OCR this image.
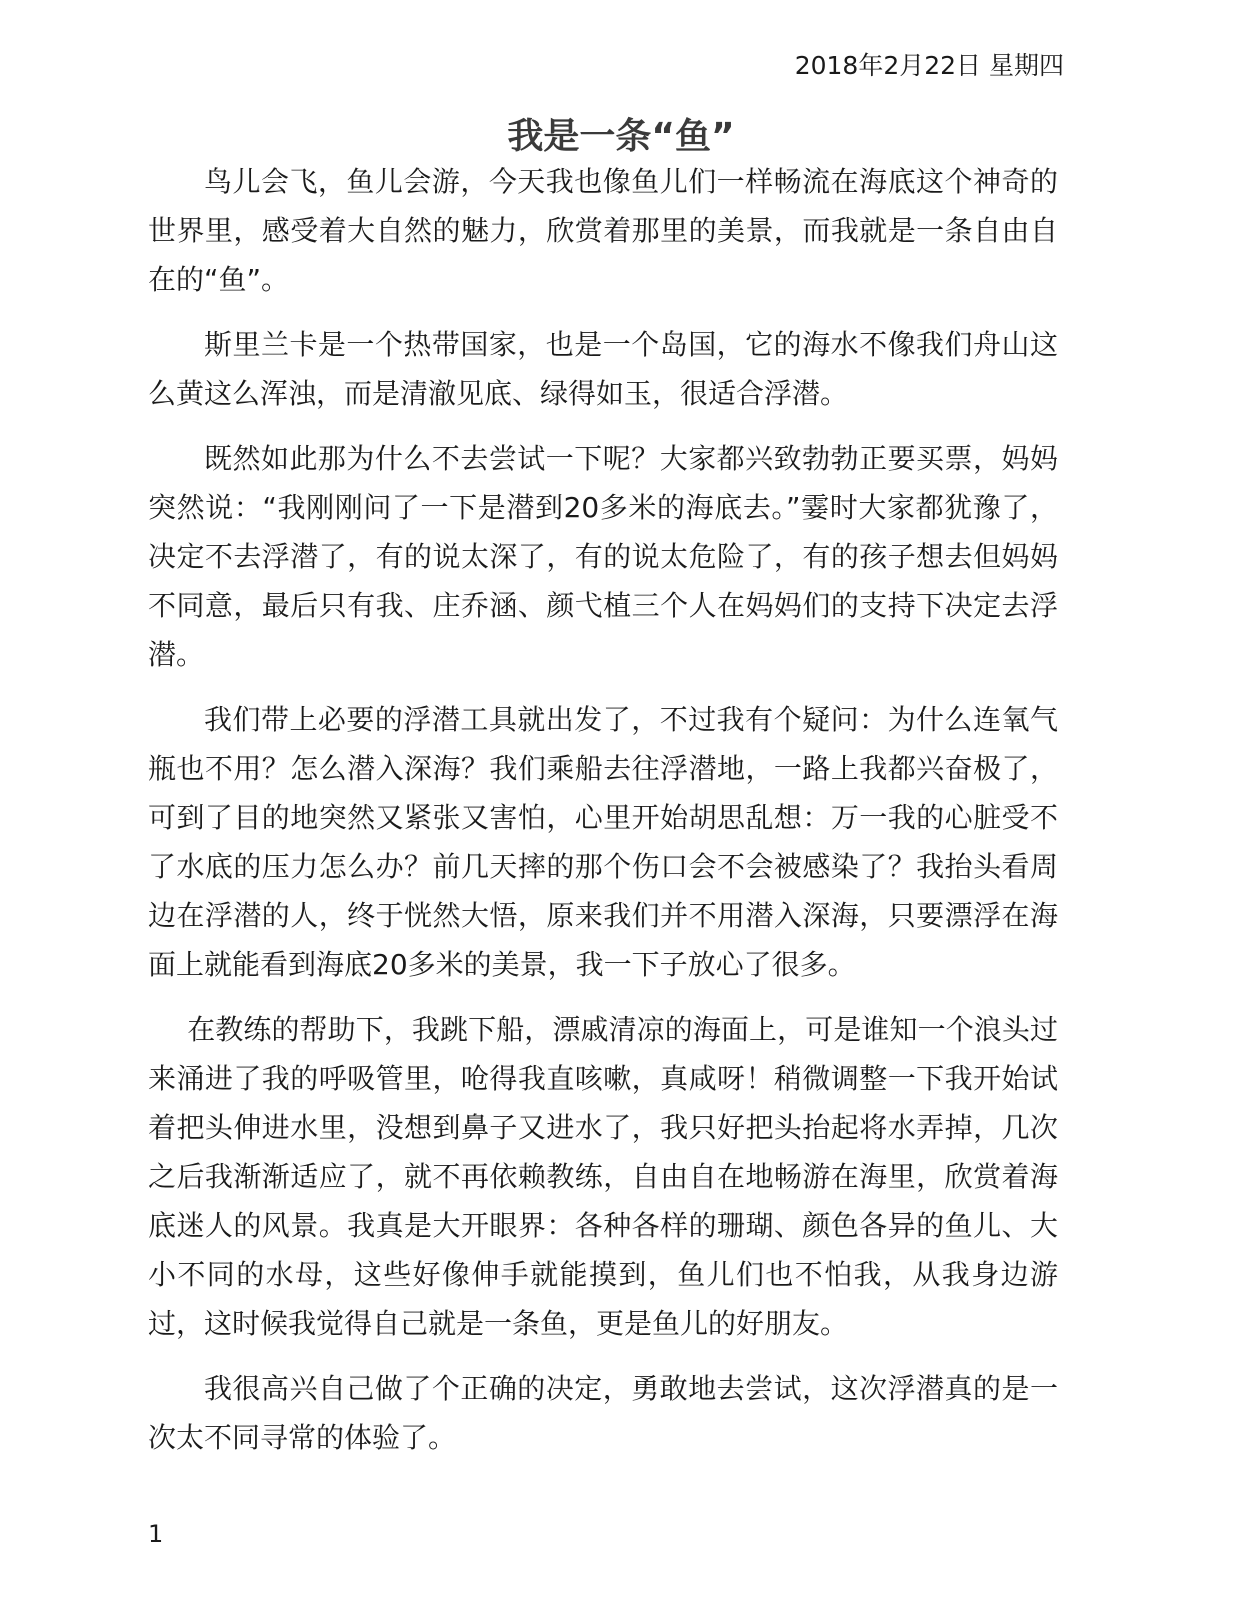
2018年2月22日 星期四
我是一条“鱼”

鸟儿会飞，鱼儿会游，今天我也像鱼儿们一样畅流在海底这个神奇的世界里，感受着大自然的魅力，欣赏着那里的美景，而我就是一条自由自在的“鱼”。

斯里兰卡是一个热带国家，也是一个岛国，它的海水不像我们舟山这么黄这么浑浊，而是清澈见底、绿得如玉，很适合浮潜。

既然如此那为什么不去尝试一下呢？大家都兴致勃勃正要买票，妈妈突然说：“我刚刚问了一下是潜到20多米的海底去。”霎时大家都犹豫了，决定不去浮潜了，有的说太深了，有的说太危险了，有的孩子想去但妈妈不同意，最后只有我、庄乔涵、颜弋植三个人在妈妈们的支持下决定去浮潜。

我们带上必要的浮潜工具就出发了，不过我有个疑问：为什么连氧气瓶也不用？怎么潜入深海？我们乘船去往浮潜地，一路上我都兴奋极了，可到了目的地突然又紧张又害怕，心里开始胡思乱想：万一我的心脏受不了水底的压力怎么办？前几天摔的那个伤口会不会被感染了？我抬头看周边在浮潜的人，终于恍然大悟，原来我们并不用潜入深海，只要漂浮在海面上就能看到海底20多米的美景，我一下子放心了很多。

在教练的帮助下，我跳下船，漂戚清凉的海面上，可是谁知一个浪头过来涌进了我的呼吸管里，呛得我直咳嗽，真咸呀！稍微调整一下我开始试着把头伸进水里，没想到鼻子又进水了，我只好把头抬起将水弄掉，几次之后我渐渐适应了，就不再依赖教练，自由自在地畅游在海里，欣赏着海底迷人的风景。我真是大开眼界：各种各样的珊瑚、颜色各异的鱼儿、大小不同的水母，这些好像伸手就能摸到，鱼儿们也不怕我，从我身边游过，这时候我觉得自己就是一条鱼，更是鱼儿的好朋友。

我很高兴自己做了个正确的决定，勇敢地去尝试，这次浮潜真的是一次太不同寻常的体验了。

1
